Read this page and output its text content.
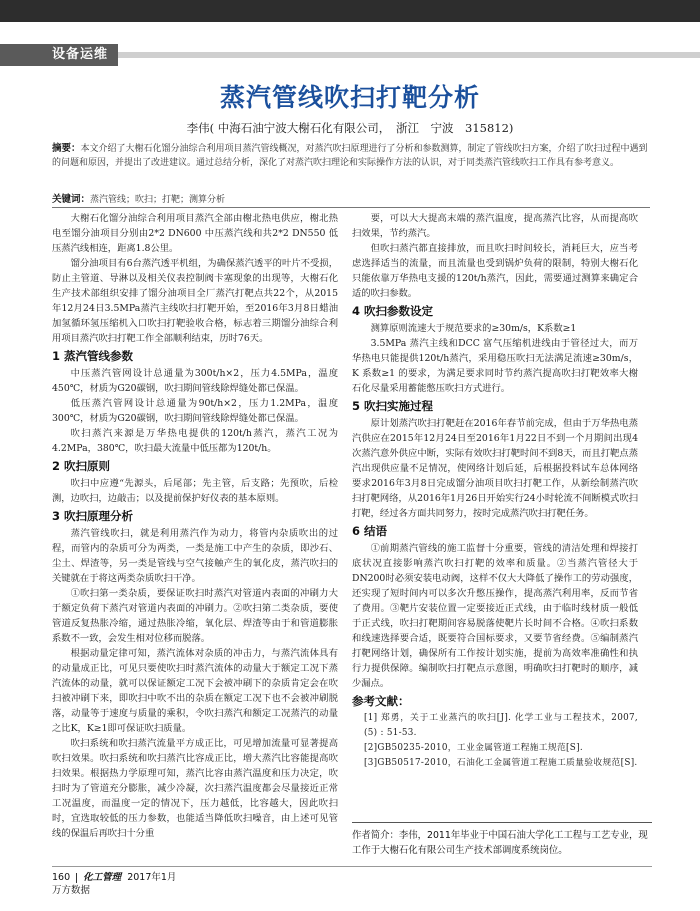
设备运维
蒸汽管线吹扫打靶分析
李伟( 中海石油宁波大榭石化有限公司，　浙江　宁波　315812)
摘要：本文介绍了大榭石化馏分油综合利用项目蒸汽管线概况，对蒸汽吹扫原理进行了分析和参数测算，制定了管线吹扫方案，介绍了吹扫过程中遇到的问题和原因，并提出了改进建议。通过总结分析，深化了对蒸汽吹扫理论和实际操作方法的认识，对于同类蒸汽管线吹扫工作具有参考意义。
关键词：蒸汽管线；吹扫；打靶；测算分析

大榭石化馏分油综合利用项目蒸汽全部由榭北热电供应，榭北热电至馏分油项目分别由2*2 DN600 中压蒸汽线和共2*2 DN550 低压蒸汽线相连，距离1.8公里。

馏分油项目有6台蒸汽透平机组，为确保蒸汽透平的叶片不受损，防止主管道、导淋以及相关仪表控制阀卡塞现象的出现等，大榭石化生产技术部组织安排了馏分油项目全厂蒸汽打靶点共22个，从2015年12月24日3.5MPa蒸汽主线吹扫打靶开始，至2016年3月8日蜡油加氢循环氢压缩机入口吹扫打靶验收合格，标志着三期馏分油综合利用项目蒸汽吹扫打靶工作全部顺利结束，历时76天。

1 蒸汽管线参数

中压蒸汽管网设计总通量为300t/h×2，压力4.5MPa，温度450℃，材质为G20碳钢，吹扫期间管线除焊缝处都已保温。

低压蒸汽管网设计总通量为90t/h×2，压力1.2MPa，温度300℃，材质为G20碳钢，吹扫期间管线除焊缝处都已保温。

吹扫蒸汽来源是万华热电提供的120t/h蒸汽，蒸汽工况为4.2MPa，380℃，吹扫最大流量中低压都为120t/h。

2 吹扫原则

吹扫中应遵“先源头，后尾部；先主管，后支路；先预吹，后检测，边吹扫，边敲击；以及提前保护好仪表的基本原则。

3 吹扫原理分析

蒸汽管线吹扫，就是利用蒸汽作为动力，将管内杂质吹出的过程，而管内的杂质可分为两类，一类是施工中产生的杂质，即沙石、尘土、焊渣等，另一类是管线与空气接触产生的氧化皮，蒸汽吹扫的关键就在于将这两类杂质吹扫干净。

①吹扫第一类杂质，要保证吹扫时蒸汽对管道内表面的冲刷力大于额定负荷下蒸汽对管道内表面的冲刷力。②吹扫第二类杂质，要使管道反复热胀冷缩，通过热胀冷缩，氧化层、焊渣等由于和管道膨胀系数不一致，会发生相对位移而脱落。

根据动量定律可知，蒸汽流体对杂质的冲击力，与蒸汽流体具有的动量成正比，可见只要使吹扫时蒸汽流体的动量大于额定工况下蒸汽流体的动量，就可以保证额定工况下会被冲刷下的杂质肯定会在吹扫被冲刷下来，即吹扫中吹不出的杂质在额定工况下也不会被冲刷脱落，动量等于速度与质量的乘积，令吹扫蒸汽和额定工况蒸汽的动量之比K，K≥1即可保证吹扫质量。

吹扫系统和吹扫蒸汽流量平方成正比，可见增加流量可显著提高吹扫效果。吹扫系统和吹扫蒸汽比容成正比，增大蒸汽比容能提高吹扫效果。根据热力学原理可知，蒸汽比容由蒸汽温度和压力决定，吹扫时为了管道充分膨胀，减少冷凝，次扫蒸汽温度都会尽量接近正常工况温度，而温度一定的情况下，压力越低，比容越大，因此吹扫时，宜选取较低的压力参数，也能适当降低吹扫噪音，由上述可见管线的保温后再吹扫十分重

要，可以大大提高末端的蒸汽温度，提高蒸汽比容，从而提高吹扫效果，节约蒸汽。

但吹扫蒸汽都直接排放，而且吹扫时间较长，消耗巨大，应当考虑选择适当的流量，而且流量也受到锅炉负荷的限制，特别大榭石化只能依靠万华热电支援的120t/h蒸汽，因此，需要通过测算来确定合适的吹扫参数。

4 吹扫参数设定

测算原则流速大于规范要求的≥30m/s，K系数≥1

3.5MPa 蒸汽主线和DCC 富气压缩机进线由于管径过大，而万华热电只能提供120t/h蒸汽，采用稳压吹扫无法满足流速≥30m/s，K 系数≥1 的要求，为满足要求同时节约蒸汽提高吹扫打靶效率大榭石化尽量采用蓄能憋压吹扫方式进行。

5 吹扫实施过程

原计划蒸汽吹扫打靶赶在2016年春节前完成，但由于万华热电蒸汽供应在2015年12月24日至2016年1月22日不到一个月期间出现4次蒸汽意外供应中断，实际有效吹扫打靶时间不到8天，而且打靶点蒸汽出现供应量不足情况，使网络计划后延，后根据投料试车总体网络要求2016年3月8日完成馏分油项目吹扫打靶工作，从新绘制蒸汽吹扫打靶网络，从2016年1月26日开始实行24小时轮流不间断模式吹扫打靶，经过各方面共同努力，按时完成蒸汽吹扫打靶任务。

6 结语

①前期蒸汽管线的施工监督十分重要，管线的清洁处理和焊接打底状况直接影响蒸汽吹扫打靶的效率和质量。②当蒸汽管径大于DN200时必须安装电动阀，这样不仅大大降低了操作工的劳动强度，还实现了短时间内可以多次升憋压操作，提高蒸汽利用率，反而节省了费用。③靶片安装位置一定要接近正式线，由于临时线材质一般低于正式线，吹扫打靶期间容易脱落使靶片长时间不合格。④吹扫系数和线速选择要合适，既要符合国标要求，又要节省经费。⑤编制蒸汽打靶网络计划，确保所有工作按计划实施，提前为高效率准确性和执行力提供保障。编制吹扫打靶点示意图，明确吹扫打靶时的顺序，减少漏点。

参考文献：

[1] 郑勇，关于工业蒸汽的吹扫[J]. 化学工业与工程技术，2007, (5) : 51-53.

[2]GB50235-2010，工业金属管道工程施工规范[S].

[3]GB50517-2010，石油化工金属管道工程施工质量验收规范[S].

作者简介：李伟，2011年毕业于中国石油大学化工工程与工艺专业，现工作于大榭石化有限公司生产技术部调度系统岗位。
160 化工管理 2017年1月
万方数据
